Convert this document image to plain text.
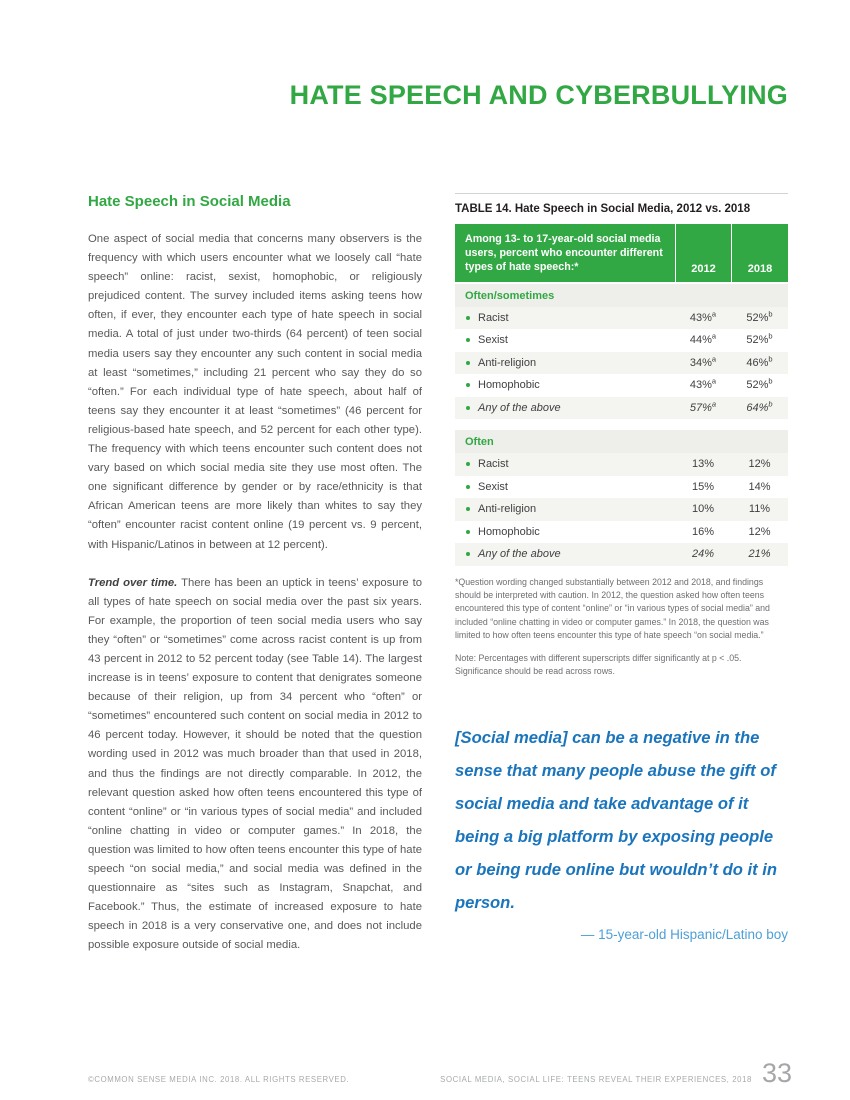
HATE SPEECH AND CYBERBULLYING
Hate Speech in Social Media

One aspect of social media that concerns many observers is the frequency with which users encounter what we loosely call “hate speech” online: racist, sexist, homophobic, or religiously prejudiced content. The survey included items asking teens how often, if ever, they encounter each type of hate speech in social media. A total of just under two-thirds (64 percent) of teen social media users say they encounter any such content in social media at least “sometimes,” including 21 percent who say they do so “often.” For each individual type of hate speech, about half of teens say they encounter it at least “sometimes” (46 percent for religious-based hate speech, and 52 percent for each other type). The frequency with which teens encounter such content does not vary based on which social media site they use most often. The one significant difference by gender or by race/ethnicity is that African American teens are more likely than whites to say they “often” encounter racist content online (19 percent vs. 9 percent, with Hispanic/Latinos in between at 12 percent).

Trend over time. There has been an uptick in teens’ exposure to all types of hate speech on social media over the past six years. For example, the proportion of teen social media users who say they “often” or “sometimes” come across racist content is up from 43 percent in 2012 to 52 percent today (see Table 14). The largest increase is in teens’ exposure to content that denigrates someone because of their religion, up from 34 percent who “often” or “sometimes” encountered such content on social media in 2012 to 46 percent today. However, it should be noted that the question wording used in 2012 was much broader than that used in 2018, and thus the findings are not directly comparable. In 2012, the relevant question asked how often teens encountered this type of content “online” or “in various types of social media” and included “online chatting in video or computer games.” In 2018, the question was limited to how often teens encounter this type of hate speech “on social media,” and social media was defined in the questionnaire as “sites such as Instagram, Snapchat, and Facebook.” Thus, the estimate of increased exposure to hate speech in 2018 is a very conservative one, and does not include possible exposure outside of social media.

TABLE 14. Hate Speech in Social Media, 2012 vs. 2018
Among 13- to 17-year-old social media users, percent who encounter different types of hate speech:*	2012	2018
Often/sometimes
Racist	43%$^a$	52%$^b$
Sexist	44%$^a$	52%$^b$
Anti-religion	34%$^a$	46%$^b$
Homophobic	43%$^a$	52%$^b$
Any of the above	57%$^a$	64%$^b$
Often
Racist	13%	12%
Sexist	15%	14%
Anti-religion	10%	11%
Homophobic	16%	12%
Any of the above	24%	21%
*Question wording changed substantially between 2012 and 2018, and findings should be interpreted with caution. In 2012, the question asked how often teens encountered this type of content “online” or “in various types of social media” and included “online chatting in video or computer games.” In 2018, the question was limited to how often teens encounter this type of hate speech “on social media.”
Note: Percentages with different superscripts differ significantly at p < .05. Significance should be read across rows.
[Social media] can be a negative in the sense that many people abuse the gift of social media and take advantage of it being a big platform by exposing people or being rude online but wouldn’t do it in person.
— 15-year-old Hispanic/Latino boy
©COMMON SENSE MEDIA INC. 2018. ALL RIGHTS RESERVED.	SOCIAL MEDIA, SOCIAL LIFE: TEENS REVEAL THEIR EXPERIENCES, 2018 33
